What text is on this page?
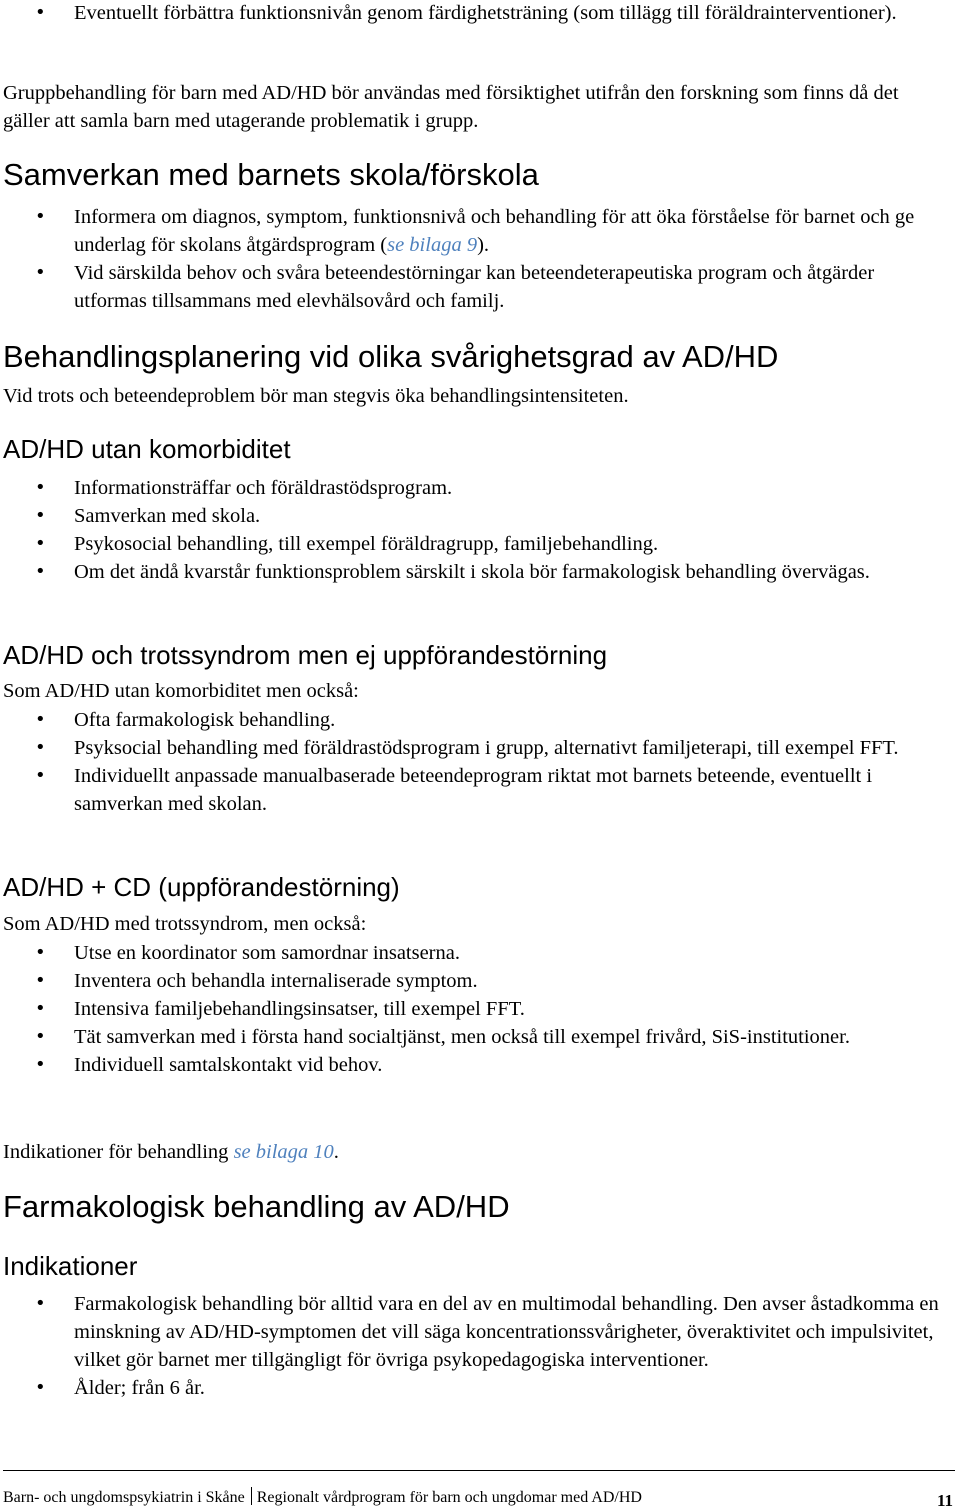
• Eventuellt förbättra funktionsnivån genom färdighetsträning (som tillägg till föräldrainterventioner).
Gruppbehandling för barn med AD/HD bör användas med försiktighet utifrån den forskning som finns då det gäller att samla barn med utagerande problematik i grupp.
Samverkan med barnets skola/förskola
• Informera om diagnos, symptom, funktionsnivå och behandling för att öka förståelse för barnet och ge underlag för skolans åtgärdsprogram (se bilaga 9).
• Vid särskilda behov och svåra beteendestörningar kan beteendeterapeutiska program och åtgärder utformas tillsammans med elevhälsovård och familj.
Behandlingsplanering vid olika svårighetsgrad av AD/HD
Vid trots och beteendeproblem bör man stegvis öka behandlingsintensiteten.
AD/HD utan komorbiditet
• Informationsträffar och föräldrastödsprogram.
• Samverkan med skola.
• Psykosocial behandling, till exempel föräldragrupp, familjebehandling.
• Om det ändå kvarstår funktionsproblem särskilt i skola bör farmakologisk behandling övervägas.
AD/HD och trotssyndrom men ej uppförandestörning
Som AD/HD utan komorbiditet men också:
• Ofta farmakologisk behandling.
• Psyksocial behandling med föräldrastödsprogram i grupp, alternativt familjeterapi, till exempel FFT.
• Individuellt anpassade manualbaserade beteendeprogram riktat mot barnets beteende, eventuellt i samverkan med skolan.
AD/HD + CD (uppförandestörning)
Som AD/HD med trotssyndrom, men också:
• Utse en koordinator som samordnar insatserna.
• Inventera och behandla internaliserade symptom.
• Intensiva familjebehandlingsinsatser, till exempel FFT.
• Tät samverkan med i första hand socialtjänst, men också till exempel frivård, SiS-institutioner.
• Individuell samtalskontakt vid behov.
Indikationer för behandling se bilaga 10.
Farmakologisk behandling av AD/HD
Indikationer
• Farmakologisk behandling bör alltid vara en del av en multimodal behandling. Den avser åstadkomma en minskning av AD/HD-symptomen det vill säga koncentrationssvårigheter, överaktivitet och impulsivitet, vilket gör barnet mer tillgängligt för övriga psykopedagogiska interventioner.
• Ålder; från 6 år.
Barn- och ungdomspsykiatrin i Skåne Regionalt vårdprogram för barn och ungdomar med AD/HD	11
